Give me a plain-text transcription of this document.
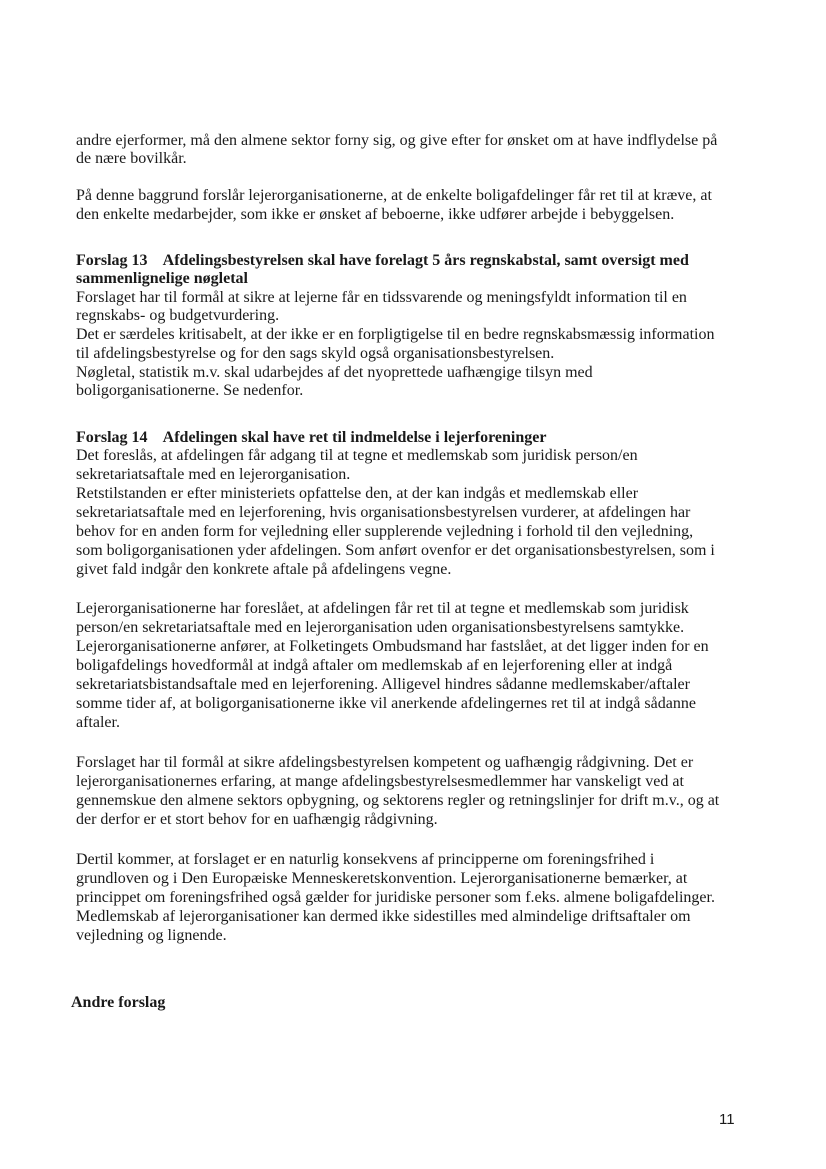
andre ejerformer, må den almene sektor forny sig, og give efter for ønsket om at have indflydelse på
de nære bovilkår.
På denne baggrund forslår lejerorganisationerne, at de enkelte boligafdelinger får ret til at kræve, at
den enkelte medarbejder, som ikke er ønsket af beboerne, ikke udfører arbejde i bebyggelsen.
Forslag 13    Afdelingsbestyrelsen skal have forelagt 5 års regnskabstal, samt oversigt med
sammenlignelige nøgletal
Forslaget har til formål at sikre at lejerne får en tidssvarende og meningsfyldt information til en
regnskabs- og budgetvurdering.
Det er særdeles kritisabelt, at der ikke er en forpligtigelse til en bedre regnskabsmæssig information
til afdelingsbestyrelse og for den sags skyld også organisationsbestyrelsen.
Nøgletal, statistik m.v. skal udarbejdes af det nyoprettede uafhængige tilsyn med
boligorganisationerne. Se nedenfor.
Forslag 14    Afdelingen skal have ret til indmeldelse i lejerforeninger
Det foreslås, at afdelingen får adgang til at tegne et medlemskab som juridisk person/en
sekretariatsaftale med en lejerorganisation.
Retstilstanden er efter ministeriets opfattelse den, at der kan indgås et medlemskab eller
sekretariatsaftale med en lejerforening, hvis organisationsbestyrelsen vurderer, at afdelingen har
behov for en anden form for vejledning eller supplerende vejledning i forhold til den vejledning,
som boligorganisationen yder afdelingen. Som anført ovenfor er det organisationsbestyrelsen, som i
givet fald indgår den konkrete aftale på afdelingens vegne.
Lejerorganisationerne har foreslået, at afdelingen får ret til at tegne et medlemskab som juridisk
person/en sekretariatsaftale med en lejerorganisation uden organisationsbestyrelsens samtykke.
Lejerorganisationerne anfører, at Folketingets Ombudsmand har fastslået, at det ligger inden for en
boligafdelings hovedformål at indgå aftaler om medlemskab af en lejerforening eller at indgå
sekretariatsbistandsaftale med en lejerforening. Alligevel hindres sådanne medlemskaber/aftaler
somme tider af, at boligorganisationerne ikke vil anerkende afdelingernes ret til at indgå sådanne
aftaler.
Forslaget har til formål at sikre afdelingsbestyrelsen kompetent og uafhængig rådgivning. Det er
lejerorganisationernes erfaring, at mange afdelingsbestyrelsesmedlemmer har vanskeligt ved at
gennemskue den almene sektors opbygning, og sektorens regler og retningslinjer for drift m.v., og at
der derfor er et stort behov for en uafhængig rådgivning.
Dertil kommer, at forslaget er en naturlig konsekvens af principperne om foreningsfrihed i
grundloven og i Den Europæiske Menneskeretskonvention. Lejerorganisationerne bemærker, at
princippet om foreningsfrihed også gælder for juridiske personer som f.eks. almene boligafdelinger.
Medlemskab af lejerorganisationer kan dermed ikke sidestilles med almindelige driftsaftaler om
vejledning og lignende.
Andre forslag
11
